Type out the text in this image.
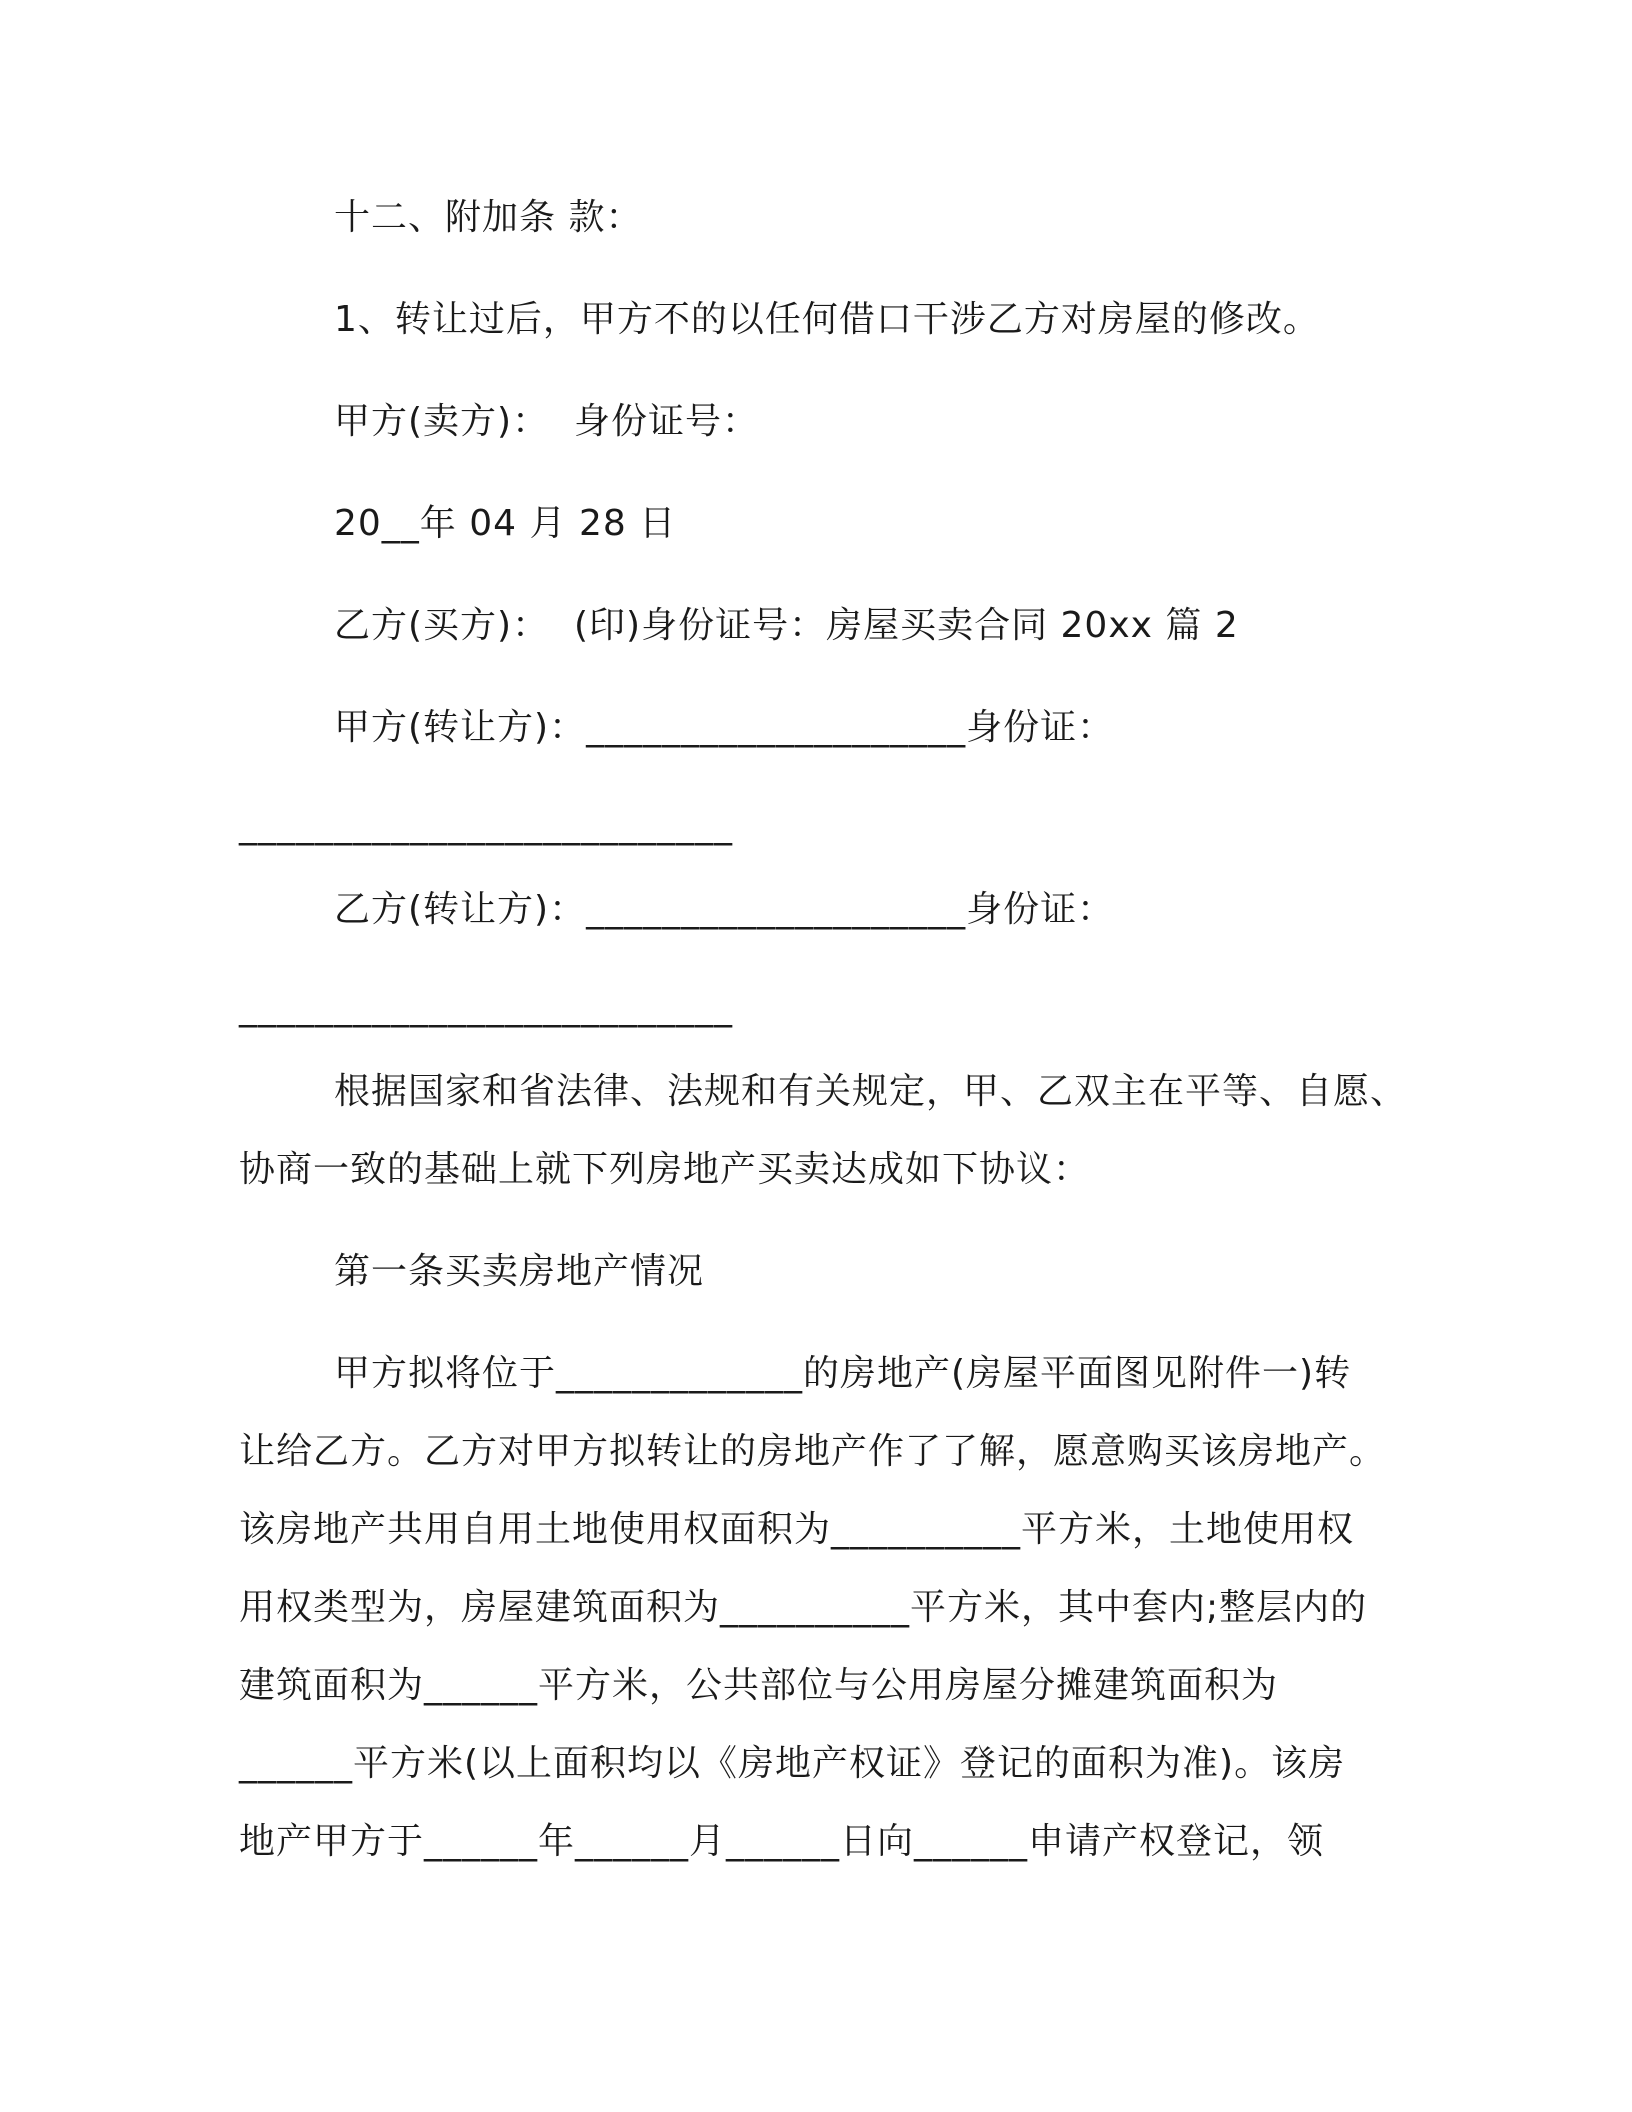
十二、附加条 款：
1、转让过后，甲方不的以任何借口干涉乙方对房屋的修改。
甲方(卖方)：  身份证号：
20__年 04 月 28 日
乙方(买方)：  (印)身份证号：房屋买卖合同 20xx 篇 2
甲方(转让方)：____________________身份证：
__________________________
乙方(转让方)：____________________身份证：
__________________________
根据国家和省法律、法规和有关规定，甲、乙双主在平等、自愿、
协商一致的基础上就下列房地产买卖达成如下协议：
第一条买卖房地产情况
甲方拟将位于_____________的房地产(房屋平面图见附件一)转
让给乙方。乙方对甲方拟转让的房地产作了了解，愿意购买该房地产。
该房地产共用自用土地使用权面积为__________平方米，土地使用权
用权类型为，房屋建筑面积为__________平方米，其中套内;整层内的
建筑面积为______平方米，公共部位与公用房屋分摊建筑面积为
______平方米(以上面积均以《房地产权证》登记的面积为准)。该房
地产甲方于______年______月______日向______申请产权登记，领
